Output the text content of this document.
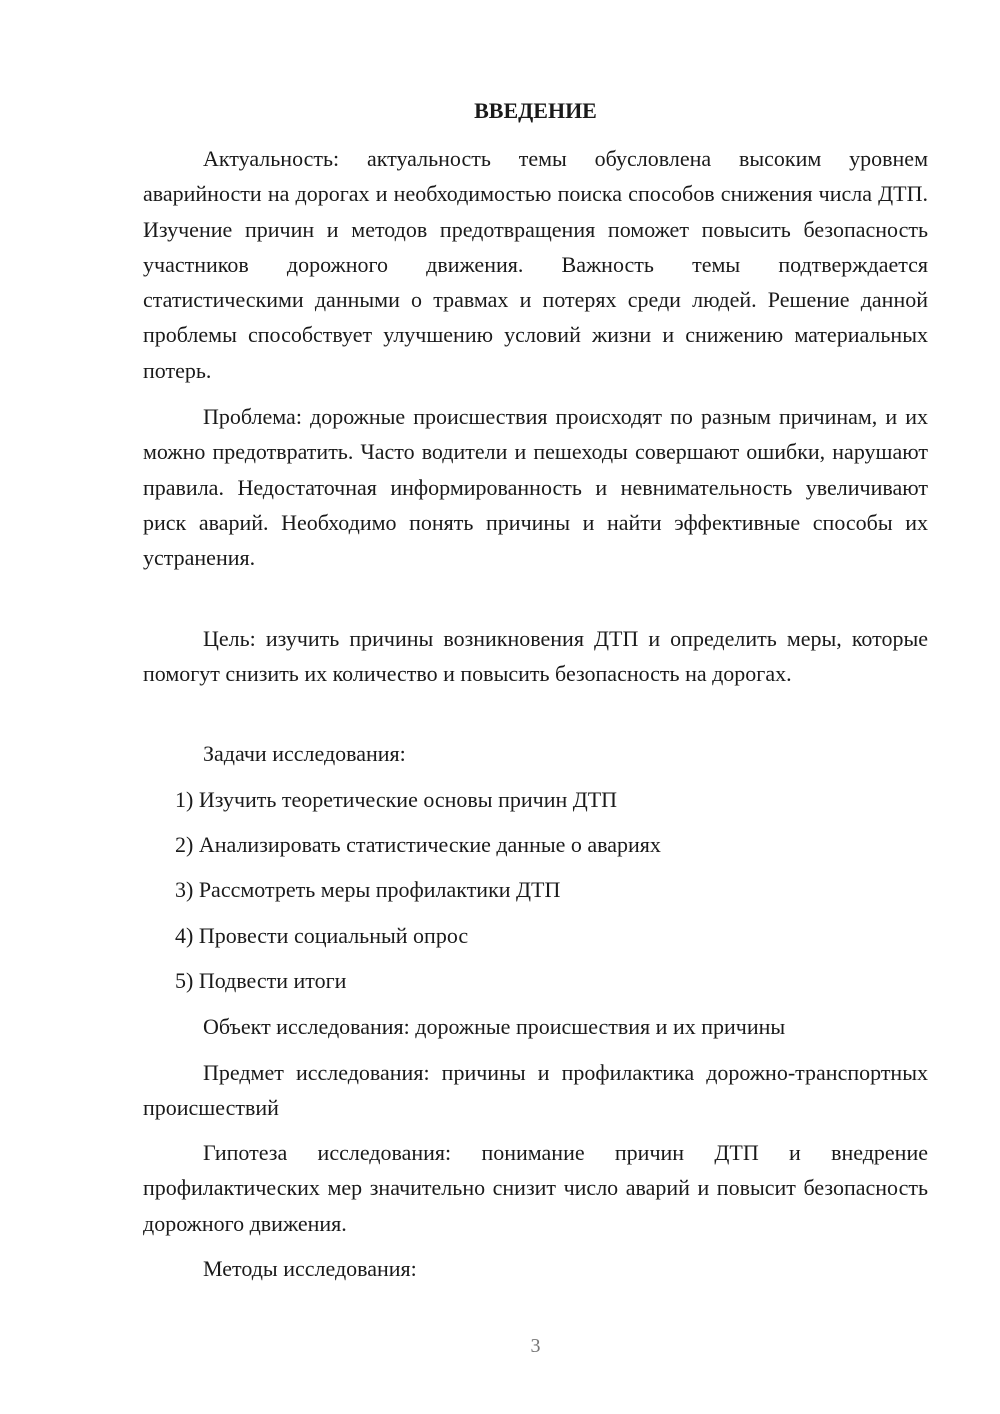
ВВЕДЕНИЕ

Актуальность: актуальность темы обусловлена высоким уровнем аварийности на дорогах и необходимостью поиска способов снижения числа ДТП. Изучение причин и методов предотвращения поможет повысить безопасность участников дорожного движения. Важность темы подтверждается статистическими данными о травмах и потерях среди людей. Решение данной проблемы способствует улучшению условий жизни и снижению материальных потерь.

Проблема: дорожные происшествия происходят по разным причинам, и их можно предотвратить. Часто водители и пешеходы совершают ошибки, нарушают правила. Недостаточная информированность и невнимательность увеличивают риск аварий. Необходимо понять причины и найти эффективные способы их устранения.

Цель: изучить причины возникновения ДТП и определить меры, которые помогут снизить их количество и повысить безопасность на дорогах.

Задачи исследования:

1) Изучить теоретические основы причин ДТП

2) Анализировать статистические данные о авариях

3) Рассмотреть меры профилактики ДТП

4) Провести социальный опрос

5) Подвести итоги

Объект исследования: дорожные происшествия и их причины

Предмет исследования: причины и профилактика дорожно-транспортных происшествий

Гипотеза исследования: понимание причин ДТП и внедрение профилактических мер значительно снизит число аварий и повысит безопасность дорожного движения.

Методы исследования:

3
